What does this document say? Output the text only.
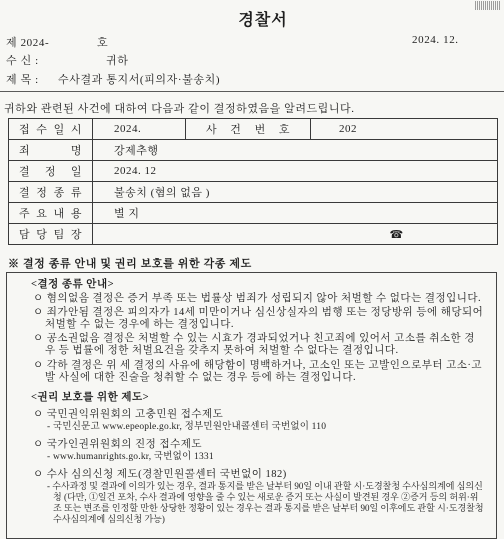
경찰서
제 2024-	호	2024. 12.
수 신 :	귀하
제 목 : 수사결과 통지서(피의자·불송치)
귀하와 관련된 사건에 대하여 다음과 같이 결정하였음을 알려드립니다.
접 수 일 시	2024.	사 건 번 호	202	
죄 명	강제추행			
결 정 일	2024. 12			
결 정 종 류	불송치 (혐의 없음 )			
주 요 내 용	별 지			
담 당 팀 장				☎
※ 결정 종류 안내 및 권리 보호를 위한 각종 제도
<결정 종류 안내>
ㅇ 혐의없음 결정은 증거 부족 또는 법률상 범죄가 성립되지 않아 처벌할 수 없다는 결정입니다.
ㅇ 죄가안됨 결정은 피의자가 14세 미만이거나 심신상실자의 범행 또는 정당방위 등에 해당되어 처벌할 수 없는 경우에 하는 결정입니다.
ㅇ 공소권없음 결정은 처벌할 수 있는 시효가 경과되었거나 친고죄에 있어서 고소를 취소한 경우 등 법률에 정한 처벌요건을 갖추지 못하여 처벌할 수 없다는 결정입니다.
ㅇ 각하 결정은 위 세 결정의 사유에 해당함이 명백하거나, 고소인 또는 고발인으로부터 고소·고발 사실에 대한 진술을 청취할 수 없는 경우 등에 하는 결정입니다.
<권리 보호를 위한 제도>
ㅇ 국민권익위원회의 고충민원 접수제도
- 국민신문고 www.epeople.go.kr, 정부민원안내콜센터 국번없이 110
ㅇ 국가인권위원회의 진정 접수제도
- www.humanrights.go.kr, 국번없이 1331
ㅇ 수사 심의신청 제도(경찰민원콜센터 국번없이 182)
- 수사과정 및 결과에 이의가 있는 경우, 결과 통지를 받은 날부터 90일 이내 관할 시·도경찰청 수사심의계에 심의신청 (다만, ①일건 포차, 수사 결과에 영향을 줄 수 있는 새로운 증거 또는 사실이 발견된 경우 ②증거 등의 허위·위조 또는 변조를 인정할 만한 상당한 정황이 있는 경우는 결과 통지를 받은 날부터 90일 이후에도 관할 시·도경찰청 수사심의계에 심의신청 가능)
